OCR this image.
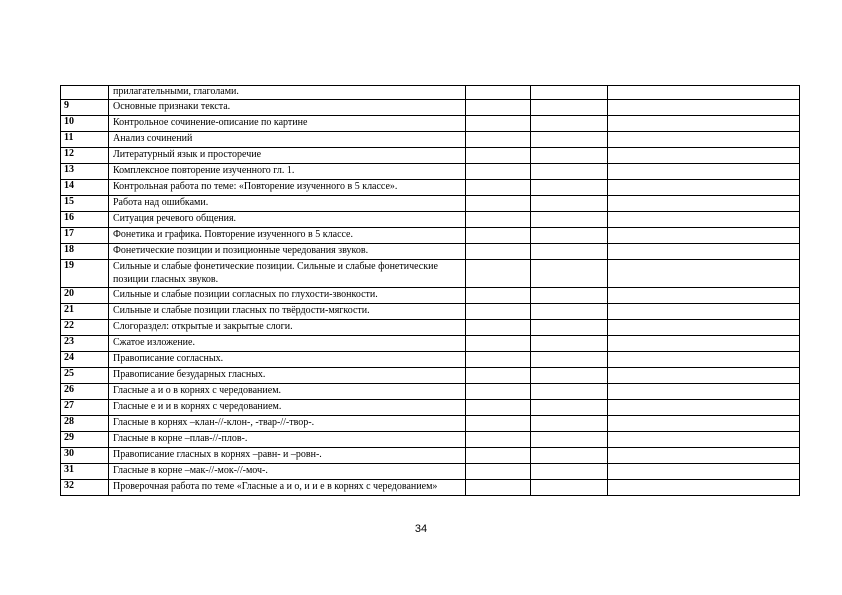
	прилагательными, глаголами.			
9	Основные признаки текста.			
10	Контрольное сочинение-описание по картине			
11	Анализ сочинений			
12	Литературный язык и просторечие			
13	Комплексное повторение изученного гл. 1.			
14	Контрольная работа по теме: «Повторение изученного в 5 классе».			
15	Работа над ошибками.			
16	Ситуация речевого общения.			
17	Фонетика и графика. Повторение изученного в 5 классе.			
18	Фонетические позиции и позиционные чередования звуков.			
19	Сильные и слабые фонетические позиции. Сильные и слабые фонетические позиции гласных звуков.			
20	Сильные и слабые позиции согласных по глухости-звонкости.			
21	Сильные и слабые позиции гласных по твёрдости-мягкости.			
22	Слогораздел: открытые и закрытые слоги.			
23	Сжатое изложение.			
24	Правописание согласных.			
25	Правописание безударных гласных.			
26	Гласные а и о в корнях с чередованием.			
27	Гласные е и и в корнях с чередованием.			
28	Гласные в корнях –клан-//-клон-, -твар-//-твор-.			
29	Гласные в корне –плав-//-плов-.			
30	Правописание гласных в корнях –равн- и –ровн-.			
31	Гласные в корне –мак-//-мок-//-моч-.			
32	Проверочная работа по теме «Гласные а и о, и и е в корнях с чередованием»			
34
